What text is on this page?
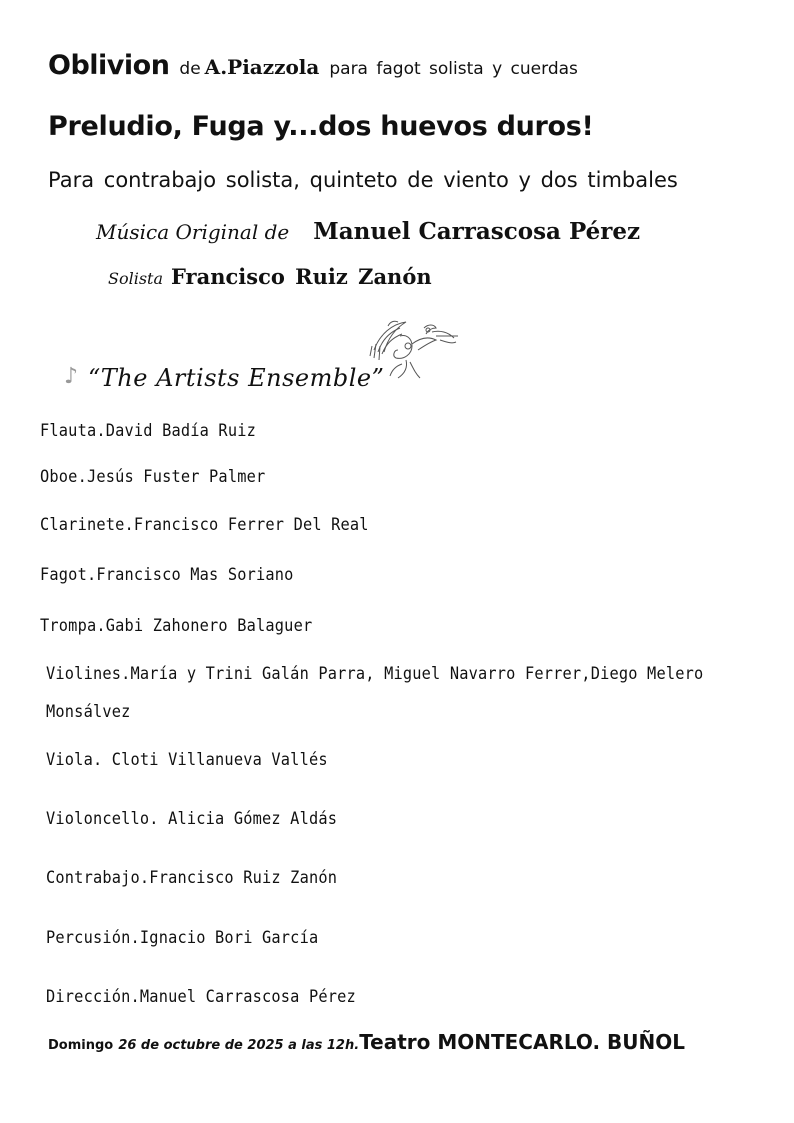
Oblivion de A.Piazzola para fagot solista y cuerdas
Preludio, Fuga y...dos huevos duros!
Para contrabajo solista, quinteto de viento y dos timbales
Música Original de Manuel Carrascosa Pérez
Solista Francisco Ruiz Zanón
♪ “The Artists Ensemble”
Flauta.David Badía Ruiz
Oboe.Jesús Fuster Palmer
Clarinete.Francisco Ferrer Del Real
Fagot.Francisco Mas Soriano
Trompa.Gabi Zahonero Balaguer
Violines.María y Trini Galán Parra, Miguel Navarro Ferrer,Diego Melero
Monsálvez
Viola. Cloti Villanueva Vallés
Violoncello. Alicia Gómez Aldás
Contrabajo.Francisco Ruiz Zanón
Percusión.Ignacio Bori García
Dirección.Manuel Carrascosa Pérez
Domingo 26 de octubre de 2025 a las 12h.Teatro MONTECARLO. BUÑOL
